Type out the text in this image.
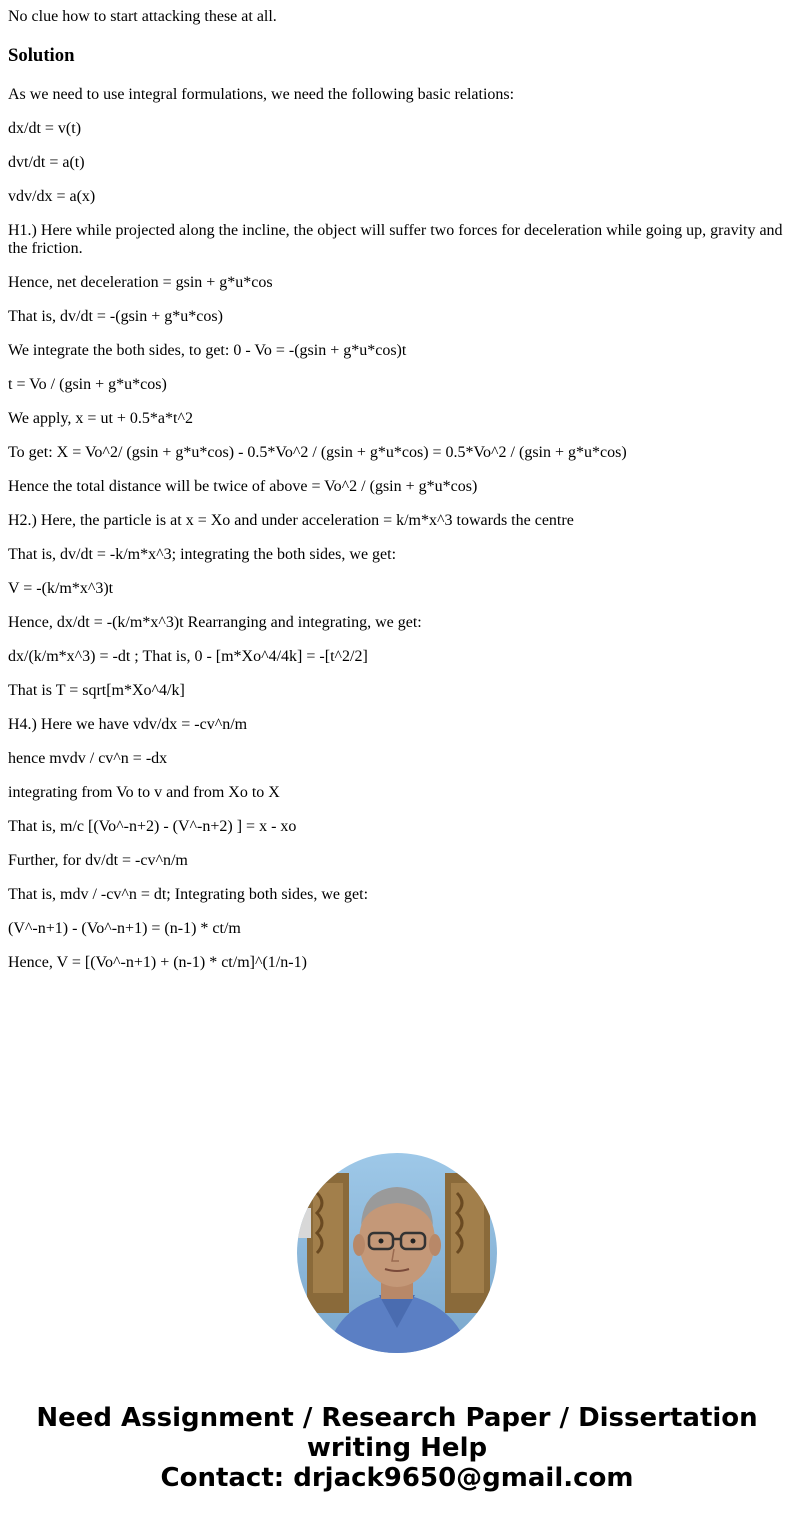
No clue how to start attacking these at all.

Solution

As we need to use integral formulations, we need the following basic relations:

dx/dt = v(t)

dvt/dt = a(t)

vdv/dx = a(x)

H1.) Here while projected along the incline, the object will suffer two forces for deceleration while going up, gravity and the friction.

Hence, net deceleration = gsin + g*u*cos

That is, dv/dt = -(gsin + g*u*cos)

We integrate the both sides, to get: 0 - Vo = -(gsin + g*u*cos)t

t = Vo / (gsin + g*u*cos)

We apply, x = ut + 0.5*a*t^2

To get: X = Vo^2/ (gsin + g*u*cos) - 0.5*Vo^2 / (gsin + g*u*cos) = 0.5*Vo^2 / (gsin + g*u*cos)

Hence the total distance will be twice of above = Vo^2 / (gsin + g*u*cos)

H2.) Here, the particle is at x = Xo and under acceleration = k/m*x^3 towards the centre

That is, dv/dt = -k/m*x^3; integrating the both sides, we get:

V = -(k/m*x^3)t

Hence, dx/dt = -(k/m*x^3)t Rearranging and integrating, we get:

dx/(k/m*x^3) = -dt ; That is, 0 - [m*Xo^4/4k] = -[t^2/2]

That is T = sqrt[m*Xo^4/k]

H4.) Here we have vdv/dx = -cv^n/m

hence mvdv / cv^n = -dx

integrating from Vo to v and from Xo to X

That is, m/c [(Vo^-n+2) - (V^-n+2) ] = x - xo

Further, for dv/dt = -cv^n/m

That is, mdv / -cv^n = dt; Integrating both sides, we get:

(V^-n+1) - (Vo^-n+1) = (n-1) * ct/m

Hence, V = [(Vo^-n+1) + (n-1) * ct/m]^(1/n-1)

Need Assignment / Research Paper / Dissertation
writing Help
Contact: drjack9650@gmail.com
